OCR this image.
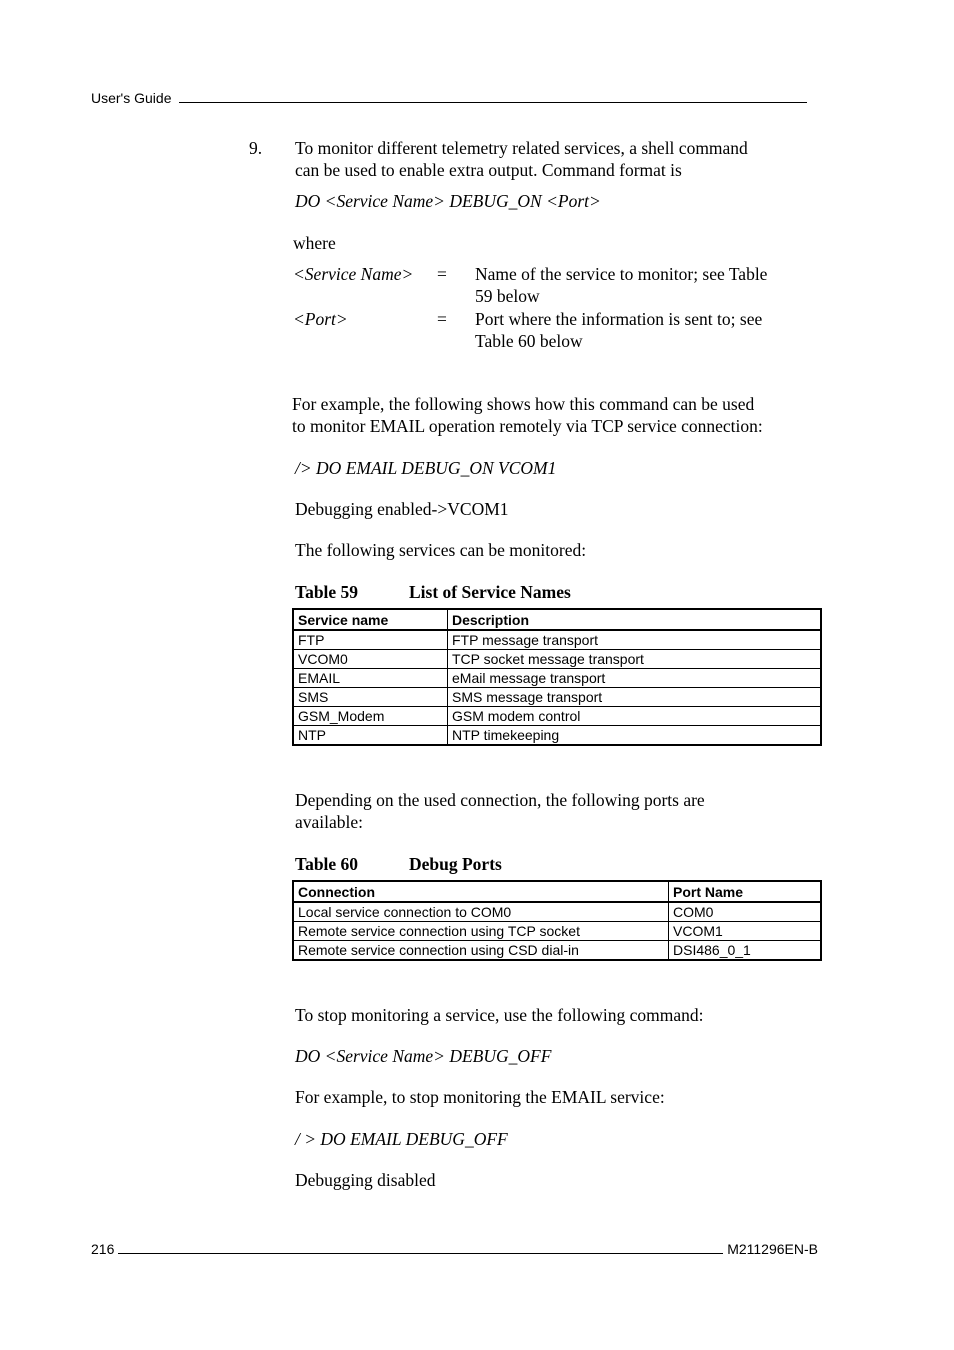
User's Guide
9. To monitor different telemetry related services, a shell command
can be used to enable extra output. Command format is
DO <Service Name> DEBUG_ON <Port>
where
<Service Name> = Name of the service to monitor; see Table
59 below
<Port>	= Port where the information is sent to; see
Table 60 below
For example, the following shows how this command can be used
to monitor EMAIL operation remotely via TCP service connection:
/> DO EMAIL DEBUG_ON VCOM1
Debugging enabled->VCOM1
The following services can be monitored:
Table 59	List of Service Names
Service name	Description
FTP	FTP message transport
VCOM0	TCP socket message transport
EMAIL	eMail message transport
SMS	SMS message transport
GSM_Modem	GSM modem control
NTP	NTP timekeeping
Depending on the used connection, the following ports are
available:
Table 60	Debug Ports
Connection	Port Name
Local service connection to COM0	COM0
Remote service connection using TCP socket	VCOM1
Remote service connection using CSD dial-in	DSI486_0_1
To stop monitoring a service, use the following command:
DO <Service Name> DEBUG_OFF
For example, to stop monitoring the EMAIL service:
/ > DO EMAIL DEBUG_OFF
Debugging disabled
216	M211296EN-B
